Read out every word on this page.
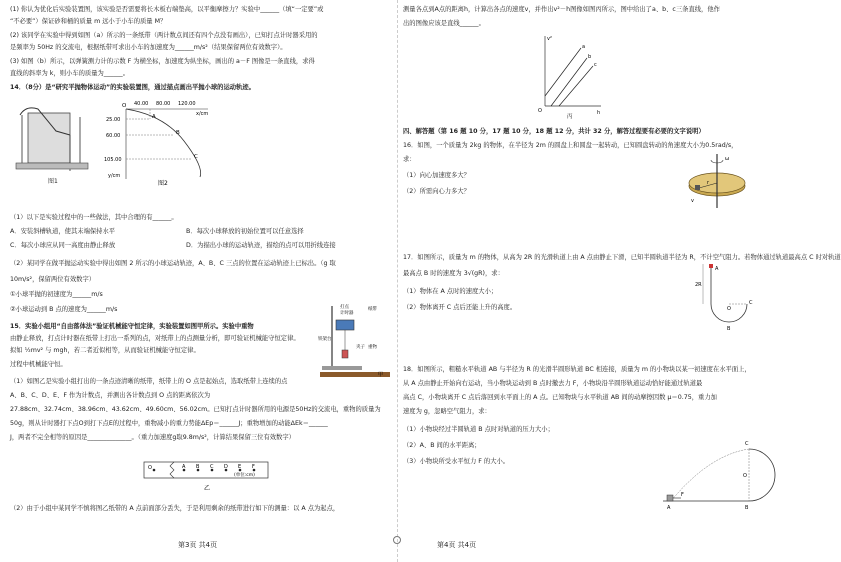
(1) 你认为优化后实验装置图，该实验是否需要将长木板右端垫高，以平衡摩擦力？实验中______（填“一定要”或
“不必要”）保证砂和桶的质量 m 远小于小车的质量 M？
(2) 该同学在实验中得到如图（a）所示的一条纸带（两计数点间还有四个点没有画出），已知打点计时器采用的
是频率为 50Hz 的交流电，根据纸带可求出小车的加速度为______m/s²（结果保留两位有效数字）。
(3) 如图（b）所示，以弹簧测力计的示数 F 为横坐标，加速度为纵坐标，画出的 a－F 图像是一条直线，求得
直线的斜率为 k，则小车的质量为______。
14．（8分）是“研究平抛物体运动”的实验装置图，通过描点画出平抛小球的运动轨迹。
图1
O 40.00 80.00 120.00
x/cm
25.00
60.00
105.00
y/cm
A
B
C
图2
（1）以下是实验过程中的一些做法，其中合理的有______。
A．安装斜槽轨道，使其末端保持水平	B．每次小球释放的初始位置可以任意选择
C．每次小球应从同一高度由静止释放	D．为描出小球的运动轨迹，描绘的点可以用折线连接
（2）某同学在做平抛运动实验中得出如图 2 所示的小球运动轨迹，A、B、C 三点的位置在运动轨迹上已标出。（g 取
10m/s²，保留两位有效数字）
①小球平抛的初速度为______m/s
②小球运动到 B 点的速度为______m/s	打点
计时器
纸带
铁架台
夹子 重物
甲
15．实验小组用“自由落体法”验证机械能守恒定律，实验装置如图甲所示。实验中重物
由静止释放，打点计时器在纸带上打出一系列的点，对纸带上的点测量分析，即可验证机械能守恒定律。
拟如 ½mv² 与 mgh，若二者近似相等，从而验证机械能守恒定律。
过程中机械能守恒。
（1）如图乙是实验小组打出的一条点迹清晰的纸带，纸带上的 O 点是起始点，选取纸带上连续的点
A、B、C、D、E、F 作为计数点，并测出各计数点到 O 点的距离依次为
27.88cm、32.74cm、38.96cm、43.62cm、49.60cm、56.02cm。已知打点计时器所用的电源是50Hz的交流电，重物的质量为
50g，则从计时器打下点O到打下点E的过程中，重物减小的重力势能ΔEp＝______J；重物增加的动能ΔEk＝______
J，两者不完全相等的原因是______________。（重力加速度g取9.8m/s²，计算结果保留三位有效数字）
O	A B C D E F
(单位:cm)
乙
（2）由于小组中某同学不慎将图乙纸带的 A 点前面部分丢失，于是利用剩余的纸带进行如下的测量：以 A 点为起点，
第3页 共4页
测量各点到A点的距离h，计算出各点的速度v，并作出v²－h图像如图丙所示，图中给出了a、b、c三条直线，他作
出的图像应该是直线______。
v²
h
O
a
b
c
丙
四、解答题（第 16 题 10 分，17 题 10 分，18 题 12 分，共计 32 分，解答过程要有必要的文字说明）
16．如图，一个质量为 2kg 的物体，在半径为 2m 的圆盘上和圆盘一起转动，已知圆盘转动的角速度大小为0.5rad/s，
求：
（1）向心加速度多大？
（2）所需向心力多大？
r
v
ω
17．如图所示，质量为 m 的物体，从高为 2R 的光滑轨道上由 A 点由静止下滑，已知半圆轨道半径为 R，不计空气阻力。若物体通过轨道最高点 C 时对轨道
最高点 B 时的速度为 3√(gR)，求：
（1）物体在 A 点时的速度大小；
（2）物体离开 C 点后还能上升的高度。
A
2R
C
O
B
18．如图所示，粗糙水平轨道 AB 与半径为 R 的光滑半圆形轨道 BC 相连接，质量为 m 的小物块以某一初速度在水平面上，
从 A 点由静止开始向右运动，当小物块运动到 B 点时撤去力 F，小物块沿半圆形轨道运动恰好能通过轨道最
高点 C，小物块离开 C 点后落回到水平面上的 A 点。已知物块与水平轨道 AB 间的动摩擦因数 μ＝0.75，重力加
速度为 g，忽略空气阻力，求：
（1）小物块经过半圆轨道 B 点时对轨道的压力大小；
（2）A、B 间的水平距离；
（3）小物块所受水平恒力 F 的大小。
C
O
B
A
F
第4页 共4页
